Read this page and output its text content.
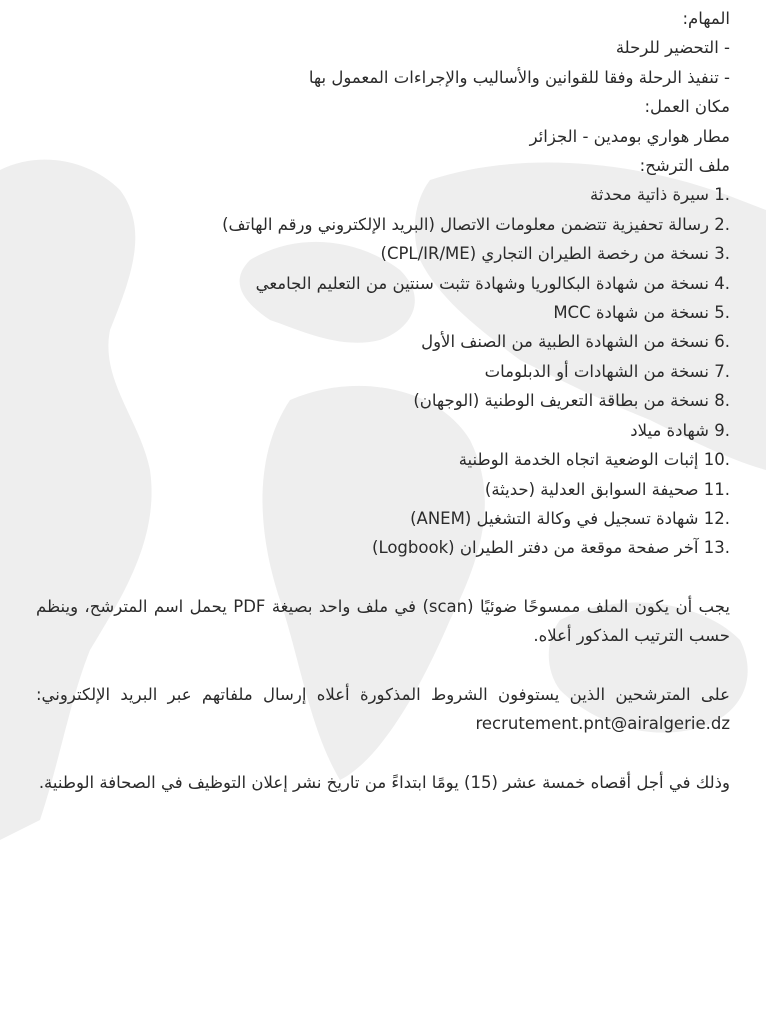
المهام:
- التحضير للرحلة
- تنفيذ الرحلة وفقا للقوانين والأساليب والإجراءات المعمول بها
مكان العمل:
مطار هواري بومدين - الجزائر
ملف الترشح:
1. سيرة ذاتية محدثة
2. رسالة تحفيزية تتضمن معلومات الاتصال (البريد الإلكتروني ورقم الهاتف)
3. نسخة من رخصة الطيران التجاري (CPL/IR/ME)
4. نسخة من شهادة البكالوريا وشهادة تثبت سنتين من التعليم الجامعي
5. نسخة من شهادة MCC
6. نسخة من الشهادة الطبية من الصنف الأول
7. نسخة من الشهادات أو الدبلومات
8. نسخة من بطاقة التعريف الوطنية (الوجهان)
9. شهادة ميلاد
10. إثبات الوضعية اتجاه الخدمة الوطنية
11. صحيفة السوابق العدلية (حديثة)
12. شهادة تسجيل في وكالة التشغيل (ANEM)
13. آخر صفحة موقعة من دفتر الطيران (Logbook)

يجب أن يكون الملف ممسوحًا ضوئيًا (scan) في ملف واحد بصيغة PDF يحمل اسم المترشح، وينظم حسب الترتيب المذكور أعلاه.

على المترشحين الذين يستوفون الشروط المذكورة أعلاه إرسال ملفاتهم عبر البريد الإلكتروني: recrutement.pnt@airalgerie.dz

وذلك في أجل أقصاه خمسة عشر (15) يومًا ابتداءً من تاريخ نشر إعلان التوظيف في الصحافة الوطنية.
